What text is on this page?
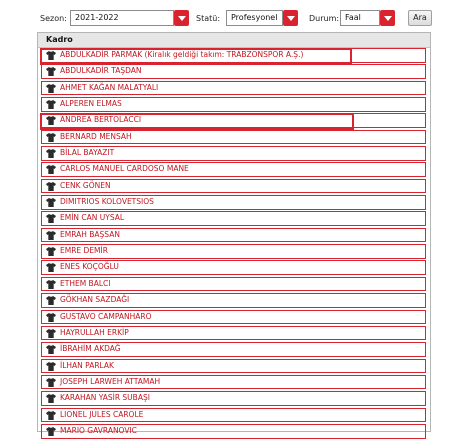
Sezon:	2021-2022	Statü:	Profesyonel	Durum: Faal	Ara
Kadro
ABDULKADİR PARMAK (Kiralık geldiği takım: TRABZONSPOR A.Ş.)
ABDULKADİR TAŞDAN
AHMET KAĞAN MALATYALI
ALPEREN ELMAS
ANDREA BERTOLACCI
BERNARD MENSAH
BİLAL BAYAZIT
CARLOS MANUEL CARDOSO MANE
CENK GÖNEN
DIMITRIOS KOLOVETSIOS
EMİN CAN UYSAL
EMRAH BAŞSAN
EMRE DEMİR
ENES KOÇOĞLU
ETHEM BALCI
GÖKHAN SAZDAĞI
GUSTAVO CAMPANHARO
HAYRULLAH ERKİP
İBRAHİM AKDAĞ
İLHAN PARLAK
JOSEPH LARWEH ATTAMAH
KARAHAN YASİR SUBAŞI
LIONEL JULES CAROLE
MARIO GAVRANOVIC
